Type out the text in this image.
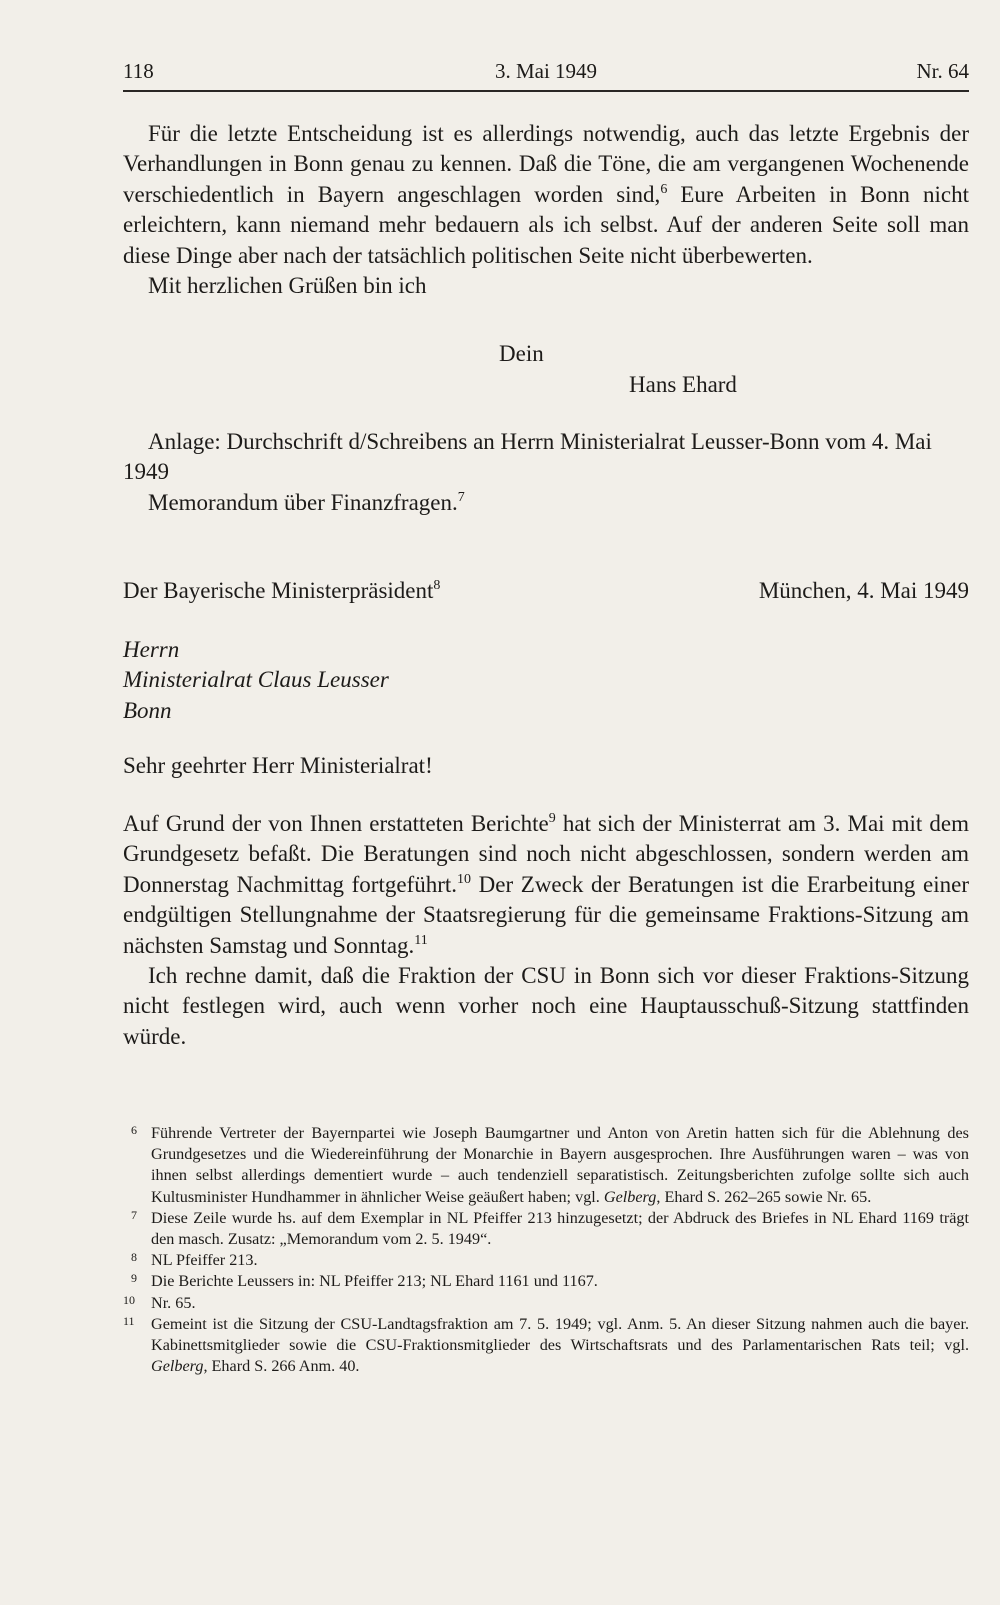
118	3. Mai 1949	Nr. 64

Für die letzte Entscheidung ist es allerdings notwendig, auch das letzte Ergebnis der Verhandlungen in Bonn genau zu kennen. Daß die Töne, die am vergangenen Wochenende verschiedentlich in Bayern angeschlagen worden sind,$^6$ Eure Arbeiten in Bonn nicht erleichtern, kann niemand mehr bedauern als ich selbst. Auf der anderen Seite soll man diese Dinge aber nach der tatsächlich politischen Seite nicht überbewerten.

Mit herzlichen Grüßen bin ich

Dein
Hans Ehard

Anlage: Durchschrift d/Schreibens an Herrn Ministerialrat Leusser-Bonn vom 4. Mai 1949

Memorandum über Finanzfragen.$^7$

Der Bayerische Ministerpräsident$^8$	München, 4. Mai 1949
Herrn
Ministerialrat Claus Leusser
Bonn
Sehr geehrter Herr Ministerialrat!

Auf Grund der von Ihnen erstatteten Berichte$^9$ hat sich der Ministerrat am 3. Mai mit dem Grundgesetz befaßt. Die Beratungen sind noch nicht abgeschlossen, sondern werden am Donnerstag Nachmittag fortgeführt.$^{10}$ Der Zweck der Beratungen ist die Erarbeitung einer endgültigen Stellungnahme der Staatsregierung für die gemeinsame Fraktions-Sitzung am nächsten Samstag und Sonntag.$^{11}$

Ich rechne damit, daß die Fraktion der CSU in Bonn sich vor dieser Fraktions-Sitzung nicht festlegen wird, auch wenn vorher noch eine Hauptausschuß-Sitzung stattfinden würde.

6 Führende Vertreter der Bayernpartei wie Joseph Baumgartner und Anton von Aretin hatten sich für die Ablehnung des Grundgesetzes und die Wiedereinführung der Monarchie in Bayern ausgesprochen. Ihre Ausführungen waren – was von ihnen selbst allerdings dementiert wurde – auch tendenziell separatistisch. Zeitungsberichten zufolge sollte sich auch Kultusminister Hundhammer in ähnlicher Weise geäußert haben; vgl. Gelberg, Ehard S. 262–265 sowie Nr. 65.

7 Diese Zeile wurde hs. auf dem Exemplar in NL Pfeiffer 213 hinzugesetzt; der Abdruck des Briefes in NL Ehard 1169 trägt den masch. Zusatz: „Memorandum vom 2. 5. 1949“.

8 NL Pfeiffer 213.

9 Die Berichte Leussers in: NL Pfeiffer 213; NL Ehard 1161 und 1167.

10 Nr. 65.

11 Gemeint ist die Sitzung der CSU-Landtagsfraktion am 7. 5. 1949; vgl. Anm. 5. An dieser Sitzung nahmen auch die bayer. Kabinettsmitglieder sowie die CSU-Fraktionsmitglieder des Wirtschaftsrats und des Parlamentarischen Rats teil; vgl. Gelberg, Ehard S. 266 Anm. 40.
